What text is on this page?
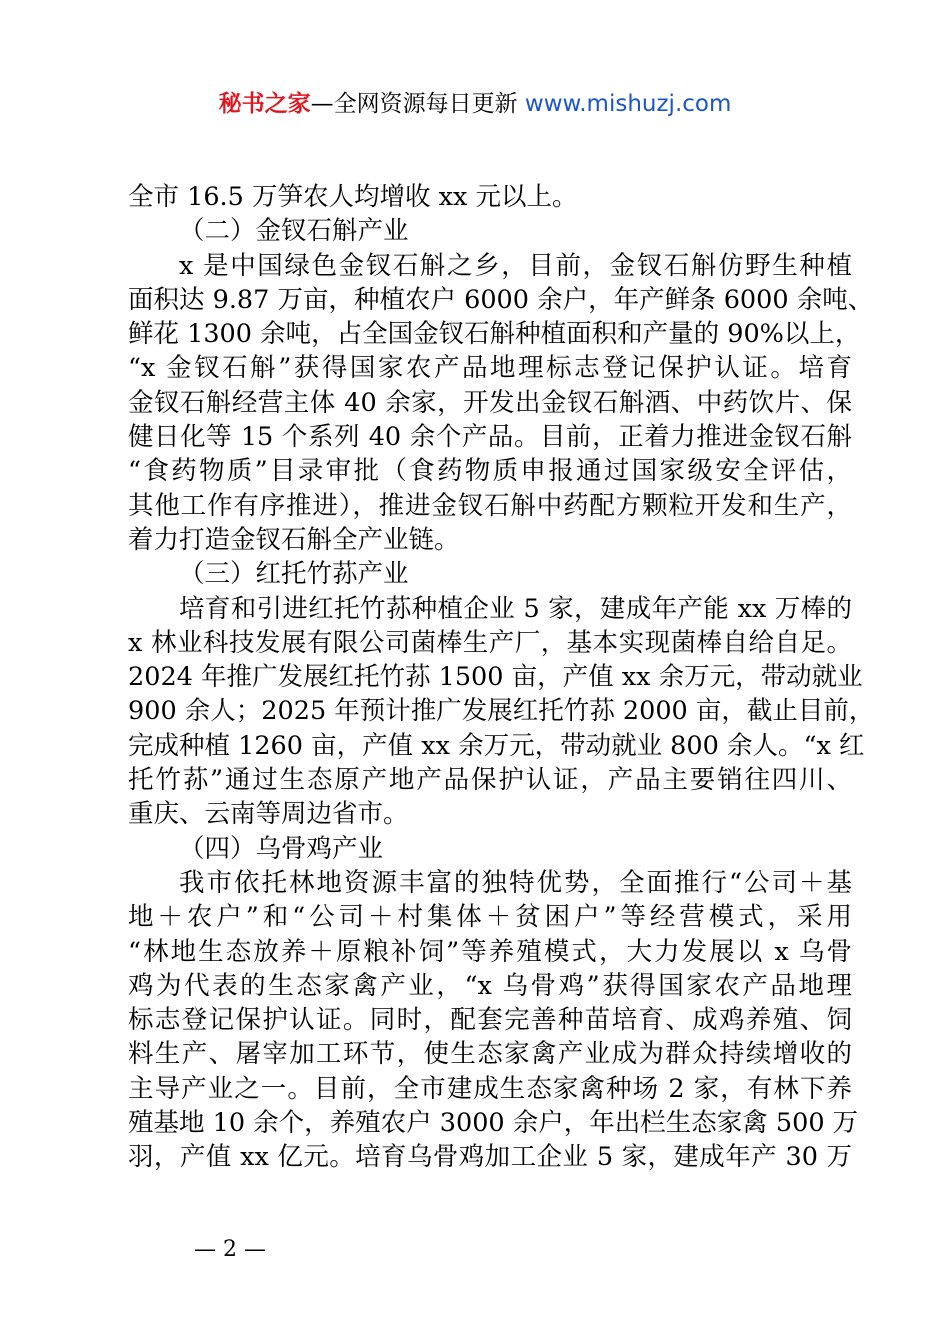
秘书之家—全网资源每日更新 www.mishuzj.com
全市 16.5 万笋农人均增收 xx 元以上。
（二）金钗石斛产业
x 是中国绿色金钗石斛之乡，目前，金钗石斛仿野生种植
面积达 9.87 万亩，种植农户 6000 余户，年产鲜条 6000 余吨、
鲜花 1300 余吨，占全国金钗石斛种植面积和产量的 90%以上，
“x 金钗石斛”获得国家农产品地理标志登记保护认证。培育
金钗石斛经营主体 40 余家，开发出金钗石斛酒、中药饮片、保
健日化等 15 个系列 40 余个产品。目前，正着力推进金钗石斛
“食药物质”目录审批（食药物质申报通过国家级安全评估，
其他工作有序推进），推进金钗石斛中药配方颗粒开发和生产，
着力打造金钗石斛全产业链。
（三）红托竹荪产业
培育和引进红托竹荪种植企业 5 家，建成年产能 xx 万棒的
x 林业科技发展有限公司菌棒生产厂，基本实现菌棒自给自足。
2024 年推广发展红托竹荪 1500 亩，产值 xx 余万元，带动就业
900 余人；2025 年预计推广发展红托竹荪 2000 亩，截止目前，
完成种植 1260 亩，产值 xx 余万元，带动就业 800 余人。“x 红
托竹荪”通过生态原产地产品保护认证，产品主要销往四川、
重庆、云南等周边省市。
（四）乌骨鸡产业
我市依托林地资源丰富的独特优势，全面推行“公司＋基
地＋农户”和“公司＋村集体＋贫困户”等经营模式，采用
“林地生态放养＋原粮补饲”等养殖模式，大力发展以 x 乌骨
鸡为代表的生态家禽产业，“x 乌骨鸡”获得国家农产品地理
标志登记保护认证。同时，配套完善种苗培育、成鸡养殖、饲
料生产、屠宰加工环节，使生态家禽产业成为群众持续增收的
主导产业之一。目前，全市建成生态家禽种场 2 家，有林下养
殖基地 10 余个，养殖农户 3000 余户，年出栏生态家禽 500 万
羽，产值 xx 亿元。培育乌骨鸡加工企业 5 家，建成年产 30 万
— 2 —
